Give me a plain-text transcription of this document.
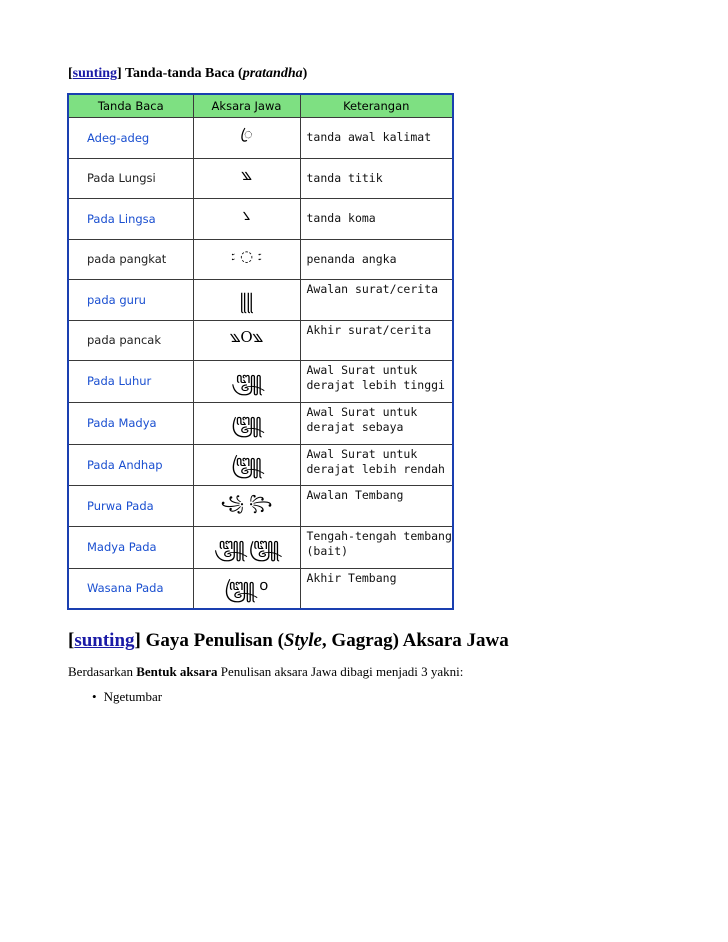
[sunting] Tanda-tanda Baca (pratandha)
Tanda Baca	Aksara Jawa	Keterangan
Adeg-adeg	ꦿ	tanda awal kalimat
Pada Lungsi	꧉	tanda titik
Pada Lingsa	꧈	tanda koma
pada pangkat	꧇ ◌ ꧇	penanda angka
pada guru	꧋꧋	Awalan surat/cerita
pada pancak	꧉O꧉	Akhir surat/cerita
Pada Luhur	꧃	Awal Surat untuk derajat lebih tinggi
Pada Madya	꧄	Awal Surat untuk derajat sebaya
Pada Andhap	꧅	Awal Surat untuk derajat lebih rendah
Purwa Pada	꧁ ꧂	Awalan Tembang
Madya Pada	꧃ ꧄	Tengah-tengah tembang (bait)
Wasana Pada	꧅ ꧆	Akhir Tembang
[sunting] Gaya Penulisan (Style, Gagrag) Aksara Jawa
Berdasarkan Bentuk aksara Penulisan aksara Jawa dibagi menjadi 3 yakni:
• Ngetumbar
